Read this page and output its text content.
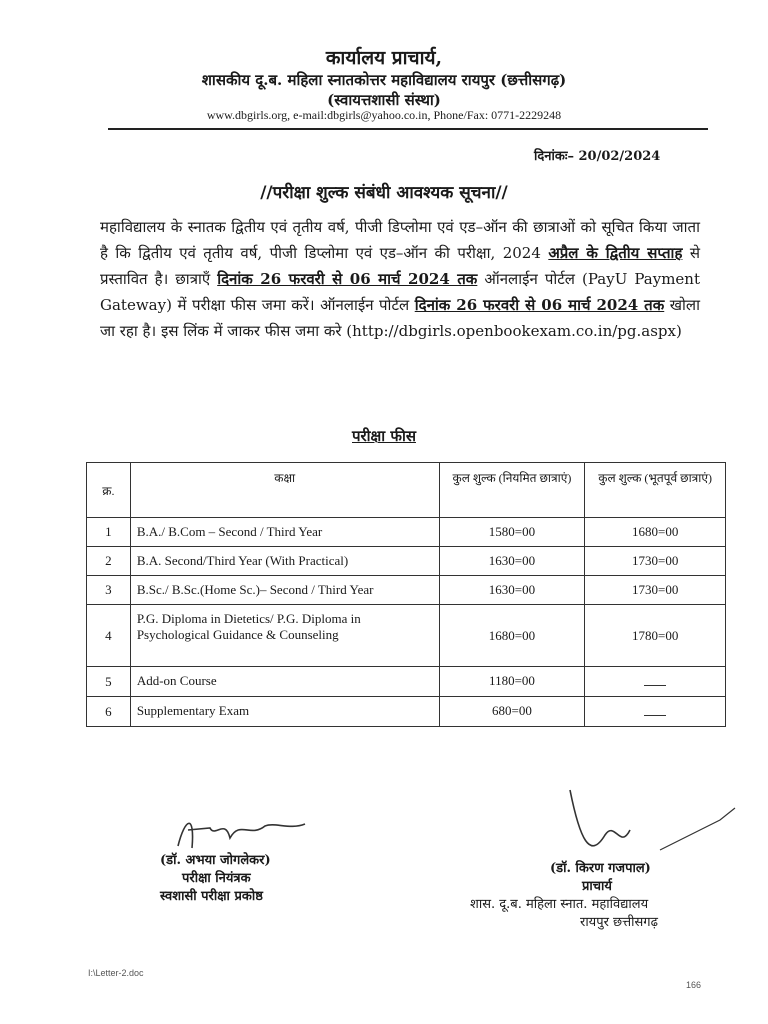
कार्यालय प्राचार्य,
शासकीय दू.ब. महिला स्नातकोत्तर महाविद्यालय रायपुर (छत्तीसगढ़)
(स्वायत्तशासी संस्था)
www.dbgirls.org, e-mail:dbgirls@yahoo.co.in, Phone/Fax: 0771-2229248
दिनांकः– 20/02/2024
//परीक्षा शुल्क संबंधी आवश्यक सूचना//
महाविद्यालय के स्नातक द्वितीय एवं तृतीय वर्ष, पीजी डिप्लोमा एवं एड–ऑन की छात्राओं को सूचित किया जाता है कि द्वितीय एवं तृतीय वर्ष, पीजी डिप्लोमा एवं एड–ऑन की परीक्षा, 2024 अप्रैल के द्वितीय सप्ताह से प्रस्तावित है। छात्राएँ दिनांक 26 फरवरी से 06 मार्च 2024 तक ऑनलाईन पोर्टल (PayU Payment Gateway) में परीक्षा फीस जमा करें। ऑनलाईन पोर्टल दिनांक 26 फरवरी से 06 मार्च 2024 तक खोला जा रहा है। इस लिंक में जाकर फीस जमा करे (http://dbgirls.openbookexam.co.in/pg.aspx)
परीक्षा फीस
क्र.	कक्षा	कुल शुल्क (नियमित छात्राएं)	कुल शुल्क (भूतपूर्व छात्राएं)
1	B.A./ B.Com – Second / Third Year	1580=00	1680=00
2	B.A. Second/Third Year (With Practical)	1630=00	1730=00
3	B.Sc./ B.Sc.(Home Sc.)– Second / Third Year	1630=00	1730=00
4	P.G. Diploma in Dietetics/ P.G. Diploma in Psychological Guidance & Counseling	1680=00	1780=00
5	Add-on Course	1180=00	
6	Supplementary Exam	680=00	
(डॉ. अभया जोगलेकर)
परीक्षा नियंत्रक
स्वशासी परीक्षा प्रकोष्ठ
(डॉ. किरण गजपाल)
प्राचार्य
शास. दू.ब. महिला स्नात. महाविद्यालय
रायपुर छत्तीसगढ़
I:\Letter-2.doc
166
